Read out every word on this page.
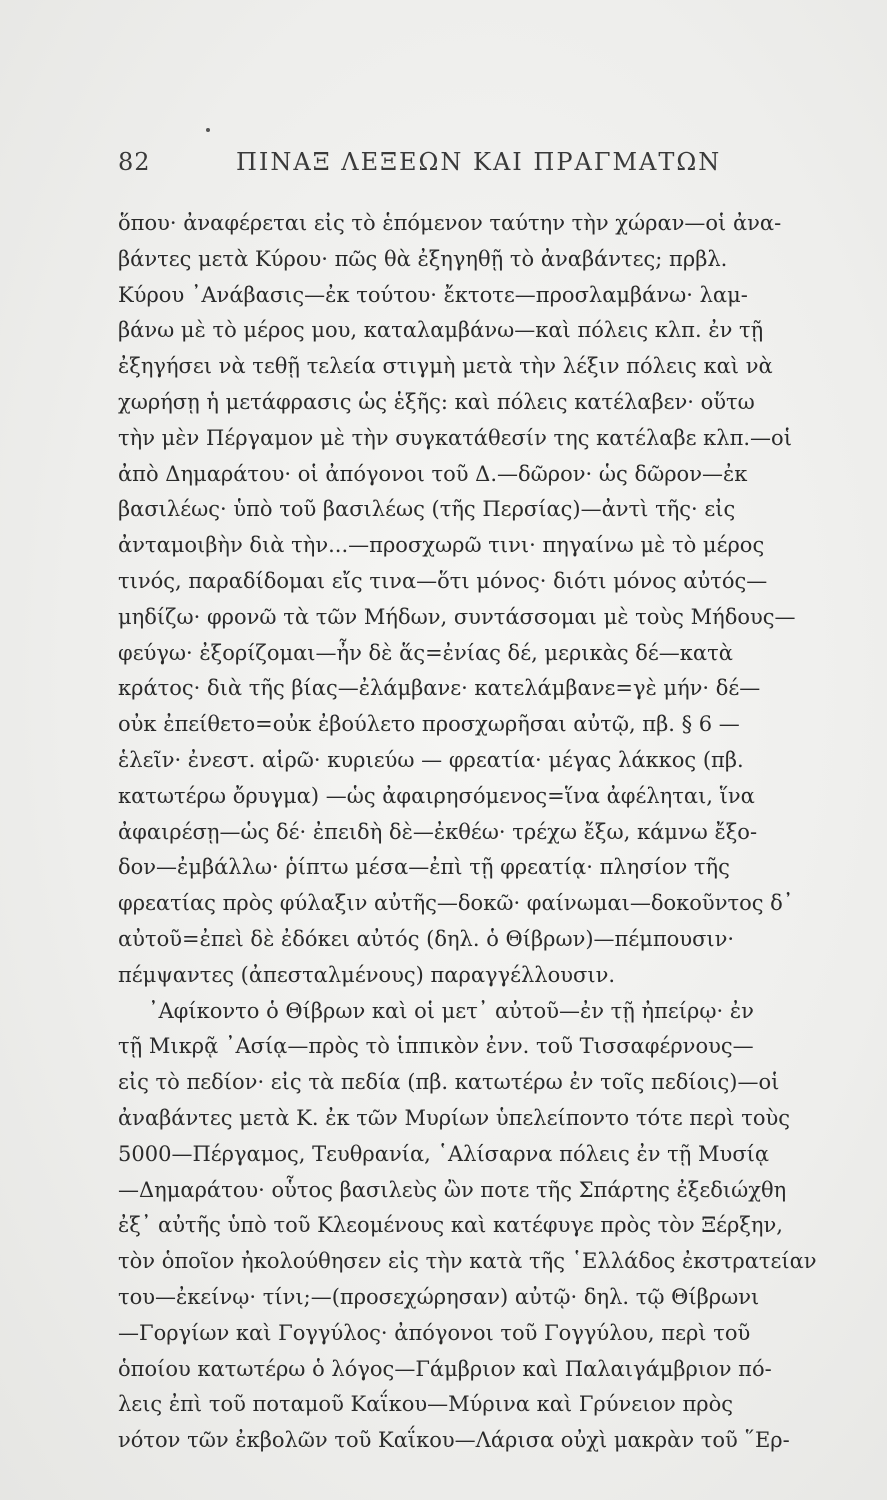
82	ΠΙΝΑΞ ΛΕΞΕΩΝ ΚΑΙ ΠΡΑΓΜΑΤΩΝ
ὅπου· ἀναφέρεται εἰς τὸ ἑπόμενον ταύτην τὴν χώραν—οἱ ἀνα-
βάντες μετὰ Κύρου· πῶς θὰ ἐξηγηθῇ τὸ ἀναβάντες; πρβλ.
Κύρου ᾿Ανάβασις—ἐκ τούτου· ἔκτοτε—προσλαμβάνω· λαμ-
βάνω μὲ τὸ μέρος μου, καταλαμβάνω—καὶ πόλεις κλπ. ἐν τῇ
ἐξηγήσει νὰ τεθῇ τελεία στιγμὴ μετὰ τὴν λέξιν πόλεις καὶ νὰ
χωρήσῃ ἡ μετάφρασις ὡς ἑξῆς: καὶ πόλεις κατέλαβεν· οὕτω
τὴν μὲν Πέργαμον μὲ τὴν συγκατάθεσίν της κατέλαβε κλπ.—οἱ
ἀπὸ Δημαράτου· οἱ ἀπόγονοι τοῦ Δ.—δῶρον· ὡς δῶρον—ἐκ
βασιλέως· ὑπὸ τοῦ βασιλέως (τῆς Περσίας)—ἀντὶ τῆς· εἰς
ἀνταμοιβὴν διὰ τὴν...—προσχωρῶ τινι· πηγαίνω μὲ τὸ μέρος
τινός, παραδίδομαι εἴς τινα—ὅτι μόνος· διότι μόνος αὐτός—
μηδίζω· φρονῶ τὰ τῶν Μήδων, συντάσσομαι μὲ τοὺς Μήδους—
φεύγω· ἐξορίζομαι—ἦν δὲ ἅς=ἐνίας δέ, μερικὰς δέ—κατὰ
κράτος· διὰ τῆς βίας—ἐλάμβανε· κατελάμβανε=γὲ μήν· δέ—
οὐκ ἐπείθετο=οὐκ ἐβούλετο προσχωρῆσαι αὐτῷ, πβ. § 6 —
ἑλεῖν· ἐνεστ. αἱρῶ· κυριεύω — φρεατία· μέγας λάκκος (πβ.
κατωτέρω ὄρυγμα) —ὡς ἀφαιρησόμενος=ἵνα ἀφέληται, ἵνα
ἀφαιρέσῃ—ὡς δέ· ἐπειδὴ δὲ—ἐκθέω· τρέχω ἔξω, κάμνω ἔξο-
δον—ἐμβάλλω· ῥίπτω μέσα—ἐπὶ τῇ φρεατίᾳ· πλησίον τῆς
φρεατίας πρὸς φύλαξιν αὐτῆς—δοκῶ· φαίνωμαι—δοκοῦντος δ᾿
αὐτοῦ=ἐπεὶ δὲ ἐδόκει αὐτός (δηλ. ὁ Θίβρων)—πέμπουσιν·
πέμψαντες (ἀπεσταλμένους) παραγγέλλουσιν.
᾿Αφίκοντο ὁ Θίβρων καὶ οἱ μετ᾿ αὐτοῦ—ἐν τῇ ἠπείρῳ· ἐν
τῇ Μικρᾷ ᾿Ασίᾳ—πρὸς τὸ ἱππικὸν ἐνν. τοῦ Τισσαφέρνους—
εἰς τὸ πεδίον· εἰς τὰ πεδία (πβ. κατωτέρω ἐν τοῖς πεδίοις)—οἱ
ἀναβάντες μετὰ Κ. ἐκ τῶν Μυρίων ὑπελείποντο τότε περὶ τοὺς
5000—Πέργαμος, Τευθρανία, ῾Αλίσαρνα πόλεις ἐν τῇ Μυσίᾳ
—Δημαράτου· οὗτος βασιλεὺς ὢν ποτε τῆς Σπάρτης ἐξεδιώχθη
ἐξ᾿ αὐτῆς ὑπὸ τοῦ Κλεομένους καὶ κατέφυγε πρὸς τὸν Ξέρξην,
τὸν ὁποῖον ἠκολούθησεν εἰς τὴν κατὰ τῆς ῾Ελλάδος ἐκστρατείαν
του—ἐκείνῳ· τίνι;—(προσεχώρησαν) αὐτῷ· δηλ. τῷ Θίβρωνι
—Γοργίων καὶ Γογγύλος· ἀπόγονοι τοῦ Γογγύλου, περὶ τοῦ
ὁποίου κατωτέρω ὁ λόγος—Γάμβριον καὶ Παλαιγάμβριον πό-
λεις ἐπὶ τοῦ ποταμοῦ Καΐκου—Μύρινα καὶ Γρύνειον πρὸς
νότον τῶν ἐκβολῶν τοῦ Καΐκου—Λάρισα οὐχὶ μακρὰν τοῦ ῞Ερ-
